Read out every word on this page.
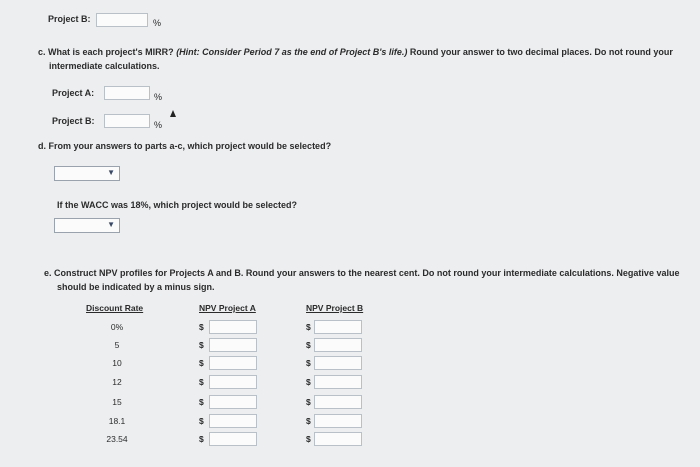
Project B:	%
c. What is each project's MIRR? (Hint: Consider Period 7 as the end of Project B's life.) Round your answer to two decimal places. Do not round your
intermediate calculations.
Project A:	%
Project B:	%
d. From your answers to parts a-c, which project would be selected?
▼
If the WACC was 18%, which project would be selected?
▼
e. Construct NPV profiles for Projects A and B. Round your answers to the nearest cent. Do not round your intermediate calculations. Negative value
should be indicated by a minus sign.
Discount Rate	NPV Project A	NPV Project B
0%	$	$
5	$	$
10	$	$
12	$	$
15	$	$
18.1	$	$
23.54	$	$
